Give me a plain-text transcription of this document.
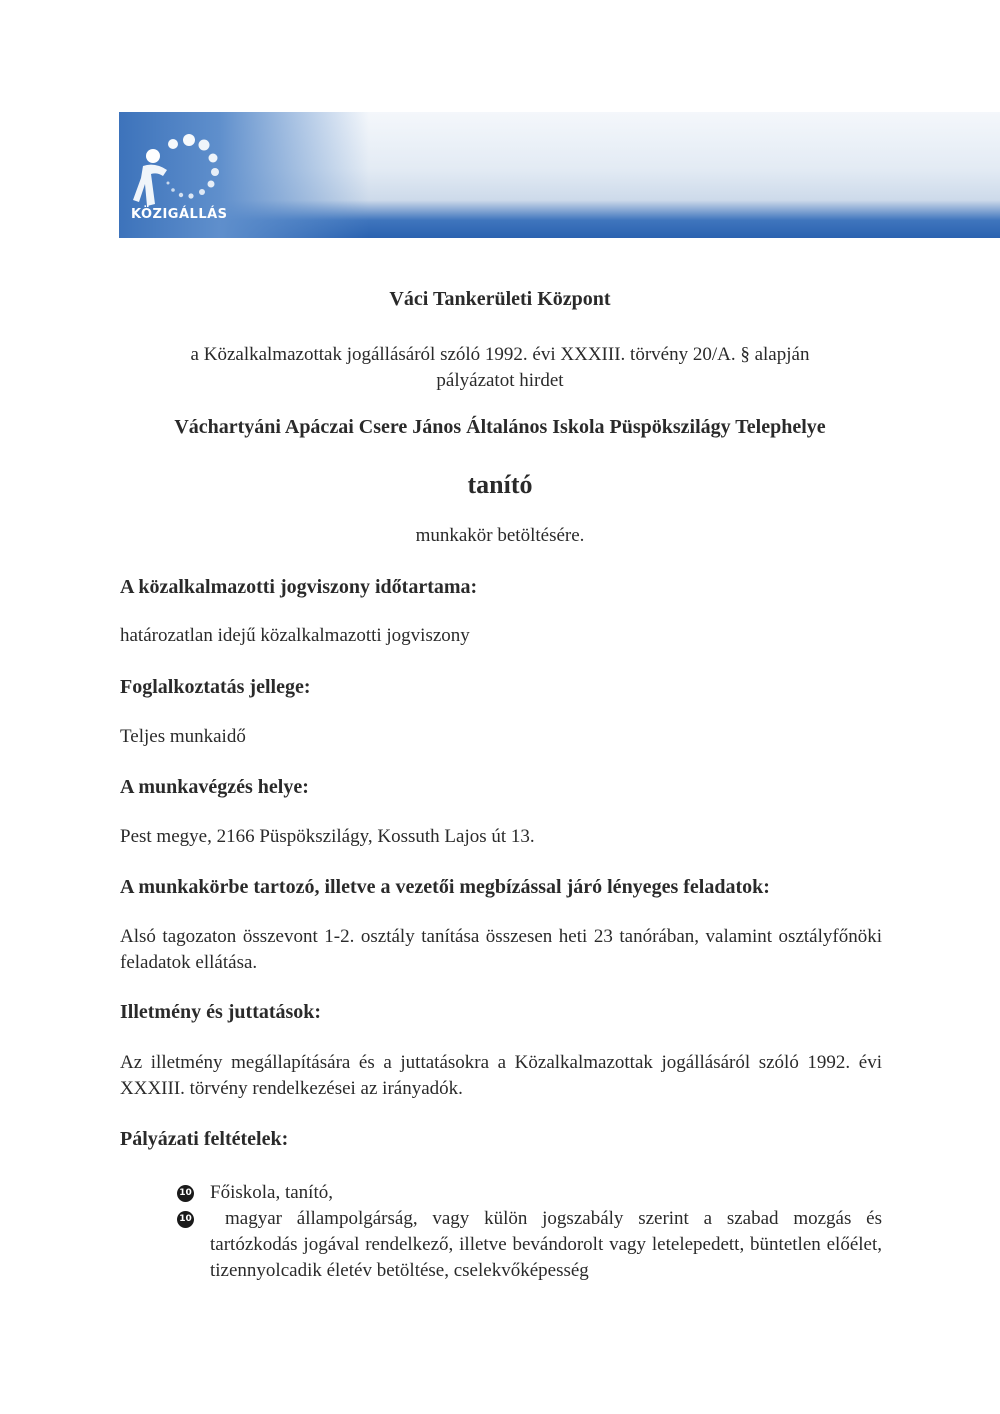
KÖZIGÁLLÁS
Váci Tankerületi Központ
a Közalkalmazottak jogállásáról szóló 1992. évi XXXIII. törvény 20/A. § alapján
pályázatot hirdet
Váchartyáni Apáczai Csere János Általános Iskola Püspökszilágy Telephelye
tanító
munkakör betöltésére.
A közalkalmazotti jogviszony időtartama:
határozatlan idejű közalkalmazotti jogviszony
Foglalkoztatás jellege:
Teljes munkaidő
A munkavégzés helye:
Pest megye, 2166 Püspökszilágy, Kossuth Lajos út 13.
A munkakörbe tartozó, illetve a vezetői megbízással járó lényeges feladatok:
Alsó tagozaton összevont 1-2. osztály tanítása összesen heti 23 tanórában, valamint osztályfőnöki feladatok ellátása.
Illetmény és juttatások:
Az illetmény megállapítására és a juttatásokra a Közalkalmazottak jogállásáról szóló 1992. évi XXXIII. törvény rendelkezései az irányadók.
Pályázati feltételek:
10 Főiskola, tanító,
10	magyar állampolgárság, vagy külön jogszabály szerint a szabad mozgás és tartózkodás jogával rendelkező, illetve bevándorolt vagy letelepedett, büntetlen előélet, tizennyolcadik életév betöltése, cselekvőképesség
